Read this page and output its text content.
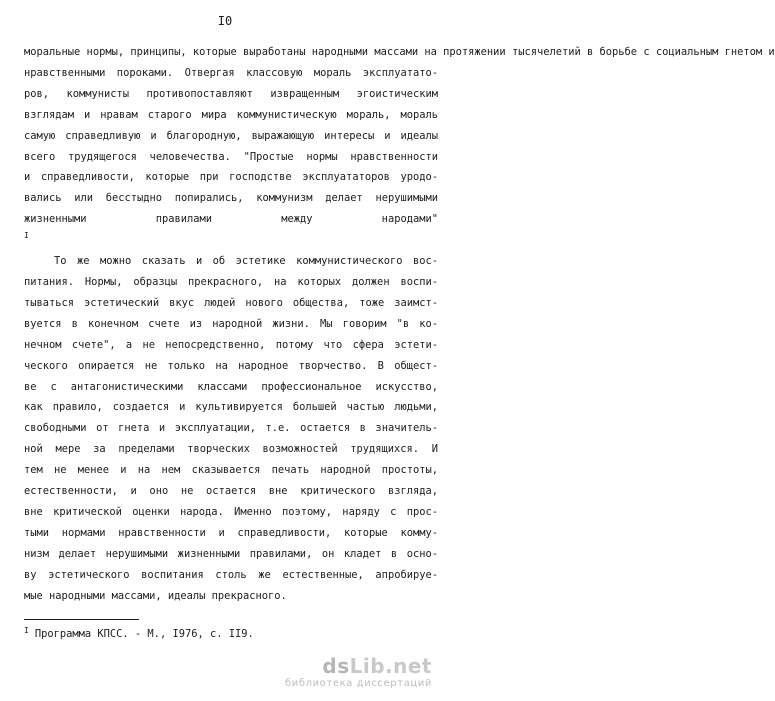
I0
моральные нормы, принципы, которые выработаны народными массами на протяжении тысячелетий в борьбе с социальным гнетом и
нравственными пороками. Отвергая классовую мораль эксплуатато-
ров, коммунисты противопоставляют извращенным эгоистическим
взглядам и нравам старого мира коммунистическую мораль, мораль
самую справедливую и благородную, выражающую интересы и идеалы
всего трудящегося человечества. "Простые нормы нравственности
и справедливости, которые при господстве эксплуататоров уродо-
вались или бесстыдно попирались, коммунизм делает нерушимыми
жизненными правилами между народами"
$^I$
То же можно сказать и об эстетике коммунистического вос-
питания. Нормы, образцы прекрасного, на которых должен воспи-
тываться эстетический вкус людей нового общества, тоже заимст-
вуется в конечном счете из народной жизни. Мы говорим "в ко-
нечном счете", а не непосредственно, потому что сфера эстети-
ческого опирается не только на народное творчество. В общест-
ве с антагонистическими классами профессиональное искусство,
как правило, создается и культивируется большей частью людьми,
свободными от гнета и эксплуатации, т.е. остается в значитель-
ной мере за пределами творческих возможностей трудящихся. И
тем не менее и на нем сказывается печать народной простоты,
естественности, и оно не остается вне критического взгляда,
вне критической оценки народа. Именно поэтому, наряду с прос-
тыми нормами нравственности и справедливости, которые комму-
низм делает нерушимыми жизненными правилами, он кладет в осно-
ву эстетического воспитания столь же естественные, апробируе-
мые народными массами, идеалы прекрасного.
$^I$ Программа КПСС. - М., I976, с. II9.
dsLib.net
библиотека диссертаций
